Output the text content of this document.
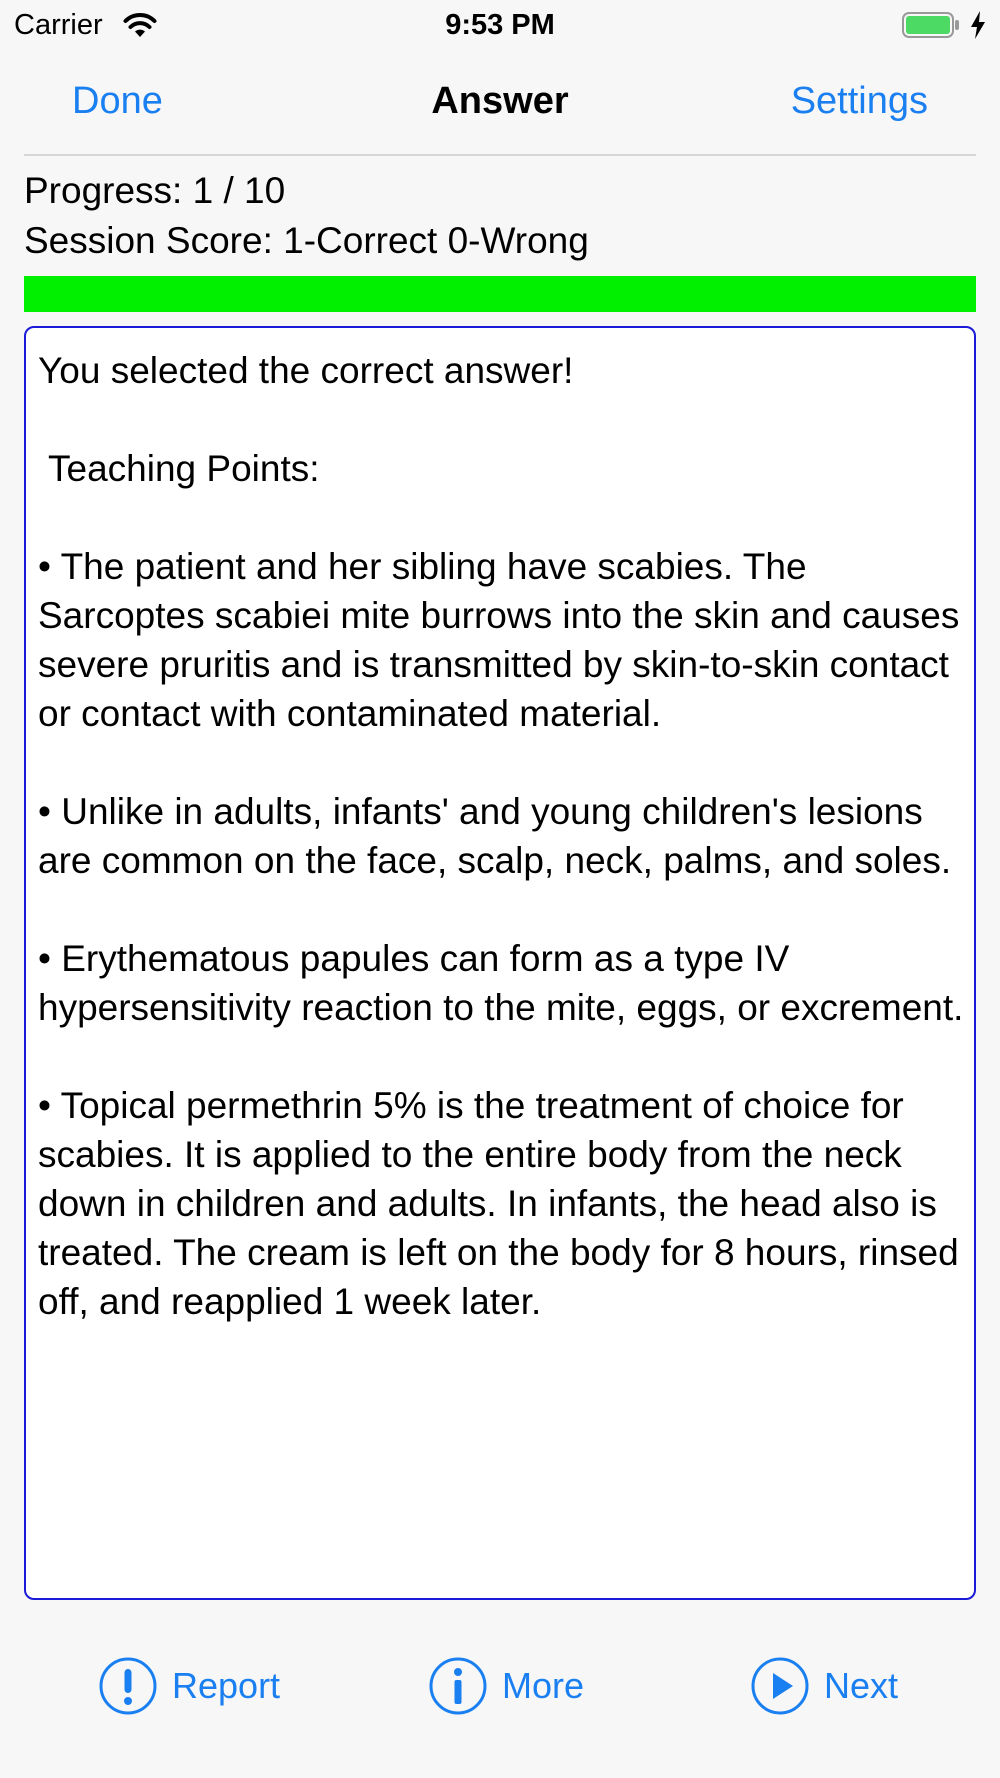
Carrier	9:53 PM
Done	Answer	Settings
Progress: 1 / 10
Session Score: 1-Correct 0-Wrong

You selected the correct answer!

Teaching Points:

• The patient and her sibling have scabies. The Sarcoptes scabiei mite burrows into the skin and causes severe pruritis and is transmitted by skin-to-skin contact or contact with contaminated material.

• Unlike in adults, infants' and young children's lesions are common on the face, scalp, neck, palms, and soles.

• Erythematous papules can form as a type IV hypersensitivity reaction to the mite, eggs, or excrement.

• Topical permethrin 5% is the treatment of choice for scabies. It is applied to the entire body from the neck down in children and adults. In infants, the head also is treated. The cream is left on the body for 8 hours, rinsed off, and reapplied 1 week later.

Report	More	Next
